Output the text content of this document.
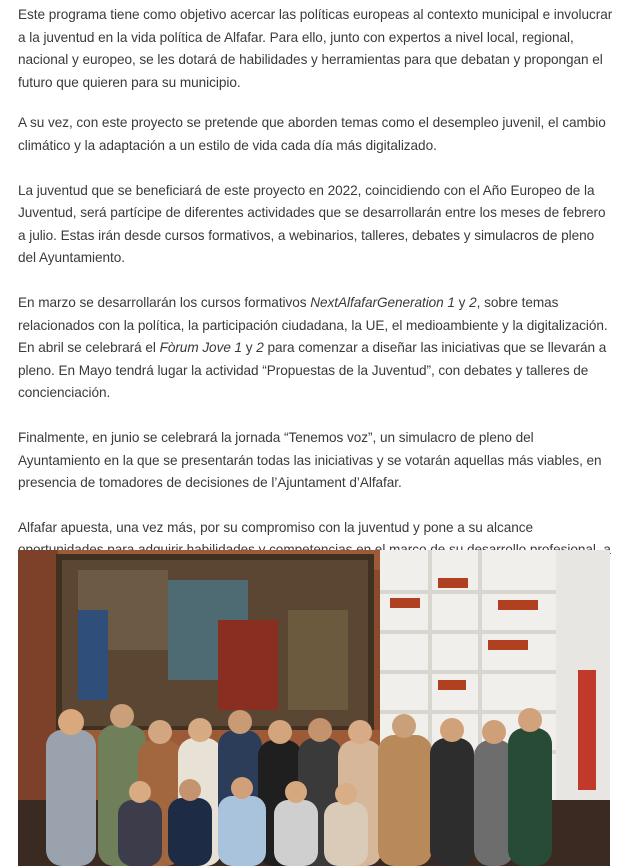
Este programa tiene como objetivo acercar las políticas europeas al contexto municipal e involucrar a la juventud en la vida política de Alfafar. Para ello, junto con expertos a nivel local, regional, nacional y europeo, se les dotará de habilidades y herramientas para que debatan y propongan el futuro que quieren para su municipio.

A su vez, con este proyecto se pretende que aborden temas como el desempleo juvenil, el cambio climático y la adaptación a un estilo de vida cada día más digitalizado.

La juventud que se beneficiará de este proyecto en 2022, coincidiendo con el Año Europeo de la Juventud, será partícipe de diferentes actividades que se desarrollarán entre los meses de febrero a julio. Estas irán desde cursos formativos, a webinarios, talleres, debates y simulacros de pleno del Ayuntamiento.

En marzo se desarrollarán los cursos formativos NextAlfafarGeneration 1 y 2, sobre temas relacionados con la política, la participación ciudadana, la UE, el medioambiente y la digitalización. En abril se celebrará el Fòrum Jove 1 y 2 para comenzar a diseñar las iniciativas que se llevarán a pleno. En Mayo tendrá lugar la actividad “Propuestas de la Juventud”, con debates y talleres de concienciación.

Finalmente, en junio se celebrará la jornada “Tenemos voz”, un simulacro de pleno del Ayuntamiento en la que se presentarán todas las iniciativas y se votarán aquellas más viables, en presencia de tomadores de decisiones de l’Ajuntament d’Alfafar.

Alfafar apuesta, una vez más, por su compromiso con la juventud y pone a su alcance
